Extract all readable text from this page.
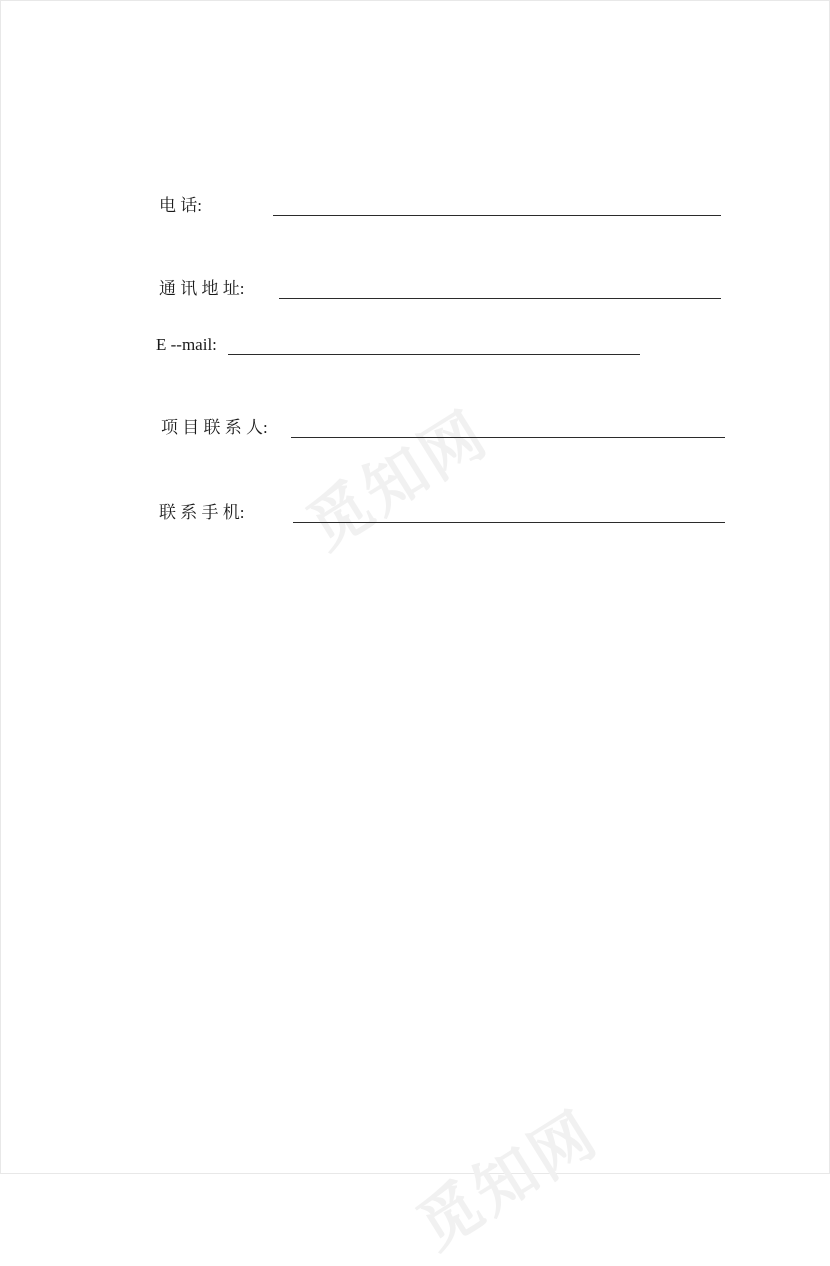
觅知网
觅知网
电 话:
通 讯 地 址:
E --mail:
项 目 联 系 人:
联 系 手 机:
